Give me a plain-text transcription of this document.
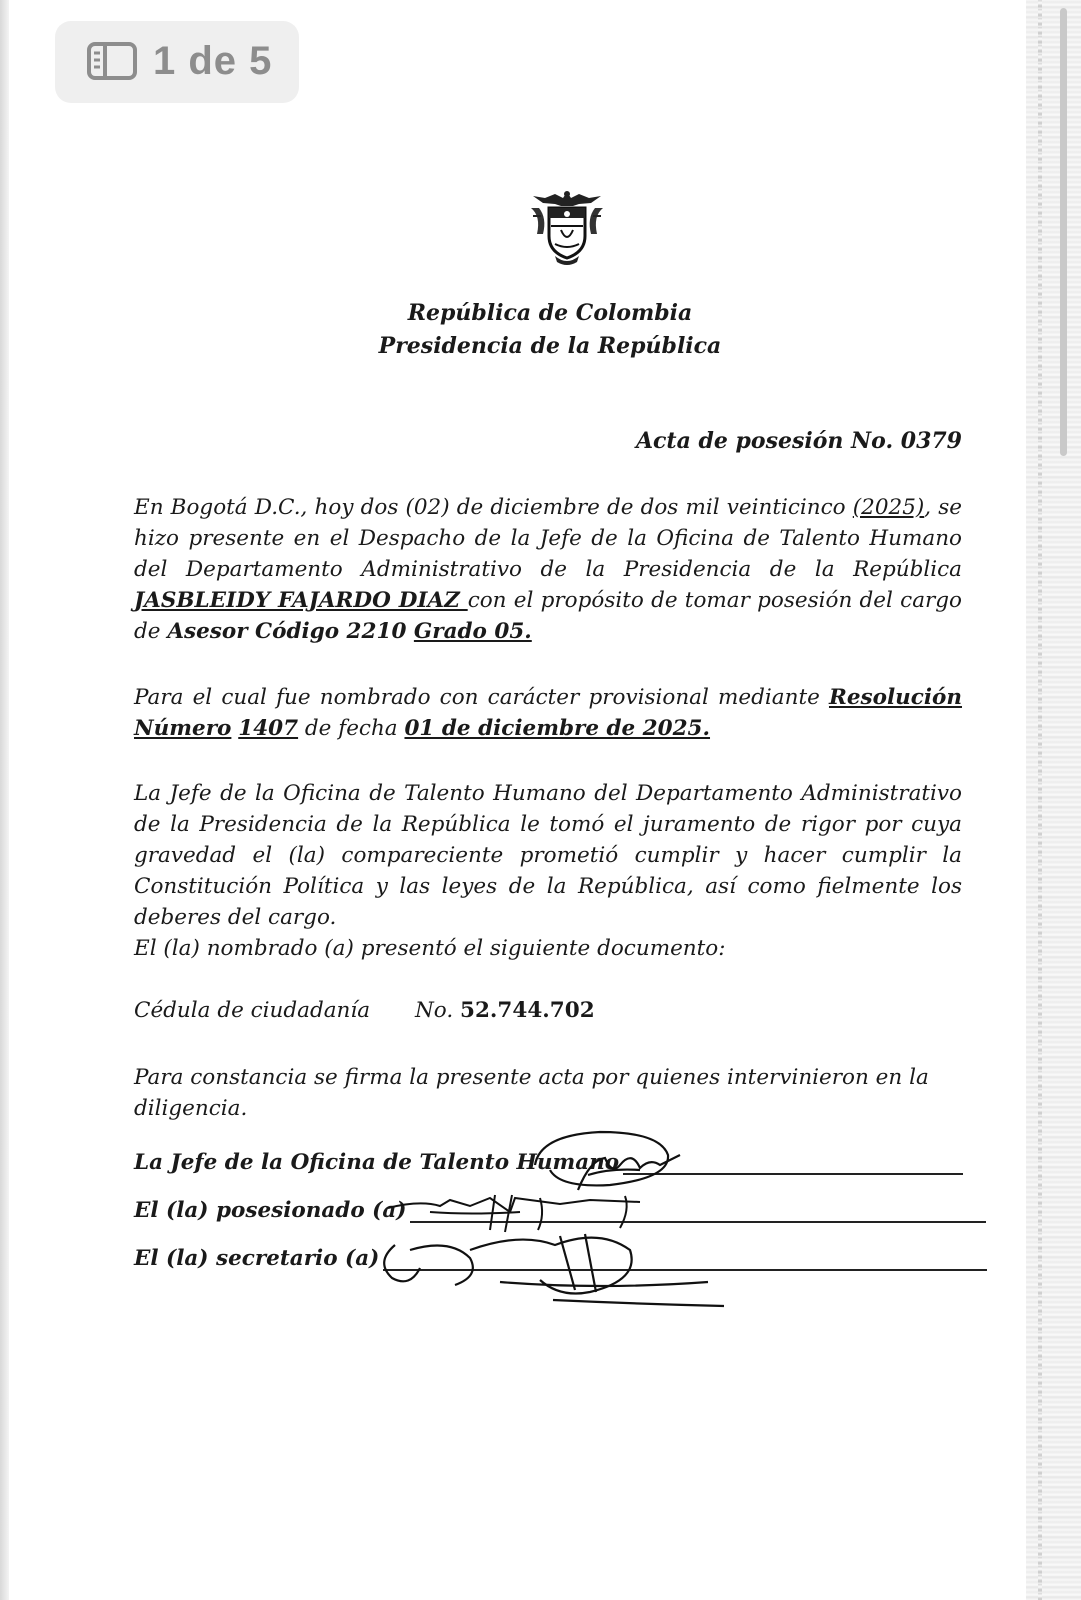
1 de 5
República de Colombia
Presidencia de la República
Acta de posesión No. 0379
En Bogotá D.C., hoy dos (02) de diciembre de dos mil veinticinco (2025), se hizo presente en el Despacho de la Jefe de la Oficina de Talento Humano del Departamento Administrativo de la Presidencia de la República JASBLEIDY FAJARDO DIAZ con el propósito de tomar posesión del cargo de Asesor Código 2210 Grado 05.
Para el cual fue nombrado con carácter provisional mediante Resolución Número 1407 de fecha 01 de diciembre de 2025.
La Jefe de la Oficina de Talento Humano del Departamento Administrativo de la Presidencia de la República le tomó el juramento de rigor por cuya gravedad el (la) compareciente prometió cumplir y hacer cumplir la Constitución Política y las leyes de la República, así como fielmente los deberes del cargo.
El (la) nombrado (a) presentó el siguiente documento:
Cédula de ciudadanía No. 52.744.702
Para constancia se firma la presente acta por quienes intervinieron en la diligencia.
La Jefe de la Oficina de Talento Humano
El (la) posesionado (a)
El (la) secretario (a)
